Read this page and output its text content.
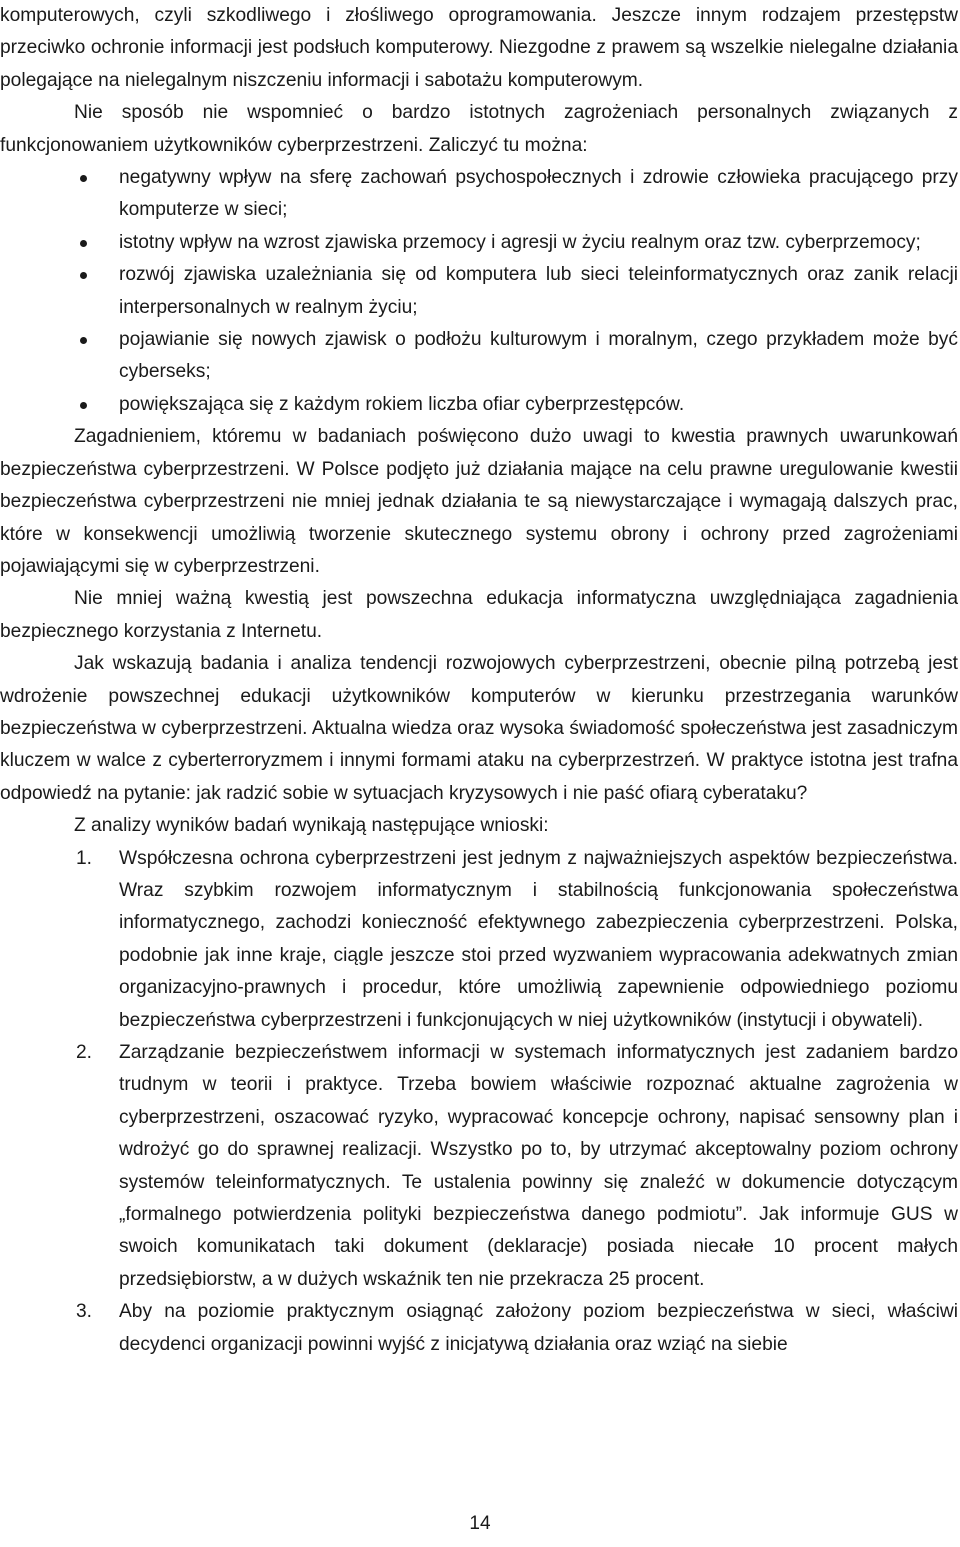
komputerowych, czyli szkodliwego i złośliwego oprogramowania. Jeszcze innym rodzajem przestępstw przeciwko ochronie informacji jest podsłuch komputerowy. Niezgodne z prawem są wszelkie nielegalne działania polegające na nielegalnym niszczeniu informacji i sabotażu komputerowym.

Nie sposób nie wspomnieć o bardzo istotnych zagrożeniach personalnych związanych z funkcjonowaniem użytkowników cyberprzestrzeni. Zaliczyć tu można:

negatywny wpływ na sferę zachowań psychospołecznych i zdrowie człowieka pracującego przy komputerze w sieci;
istotny wpływ na wzrost zjawiska przemocy i agresji w życiu realnym oraz tzw. cyberprzemocy;
rozwój zjawiska uzależniania się od komputera lub sieci teleinformatycznych oraz zanik relacji interpersonalnych w realnym życiu;
pojawianie się nowych zjawisk o podłożu kulturowym i moralnym, czego przykładem może być cyberseks;
powiększająca się z każdym rokiem liczba ofiar cyberprzestępców.

Zagadnieniem, któremu w badaniach poświęcono dużo uwagi to kwestia prawnych uwarunkowań bezpieczeństwa cyberprzestrzeni. W Polsce podjęto już działania mające na celu prawne uregulowanie kwestii bezpieczeństwa cyberprzestrzeni nie mniej jednak działania te są niewystarczające i wymagają dalszych prac, które w konsekwencji umożliwią tworzenie skutecznego systemu obrony i ochrony przed zagrożeniami pojawiającymi się w cyberprzestrzeni.

Nie mniej ważną kwestią jest powszechna edukacja informatyczna uwzględniająca zagadnienia bezpiecznego korzystania z Internetu.

Jak wskazują badania i analiza tendencji rozwojowych cyberprzestrzeni, obecnie pilną potrzebą jest wdrożenie powszechnej edukacji użytkowników komputerów w kierunku przestrzegania warunków bezpieczeństwa w cyberprzestrzeni. Aktualna wiedza oraz wysoka świadomość społeczeństwa jest zasadniczym kluczem w walce z cyberterroryzmem i innymi formami ataku na cyberprzestrzeń. W praktyce istotna jest trafna odpowiedź na pytanie: jak radzić sobie w sytuacjach kryzysowych i nie paść ofiarą cyberataku?

Z analizy wyników badań wynikają następujące wnioski:

1. Współczesna ochrona cyberprzestrzeni jest jednym z najważniejszych aspektów bezpieczeństwa. Wraz szybkim rozwojem informatycznym i stabilnością funkcjonowania społeczeństwa informatycznego, zachodzi konieczność efektywnego zabezpieczenia cyberprzestrzeni. Polska, podobnie jak inne kraje, ciągle jeszcze stoi przed wyzwaniem wypracowania adekwatnych zmian organizacyjno-prawnych i procedur, które umożliwią zapewnienie odpowiedniego poziomu bezpieczeństwa cyberprzestrzeni i funkcjonujących w niej użytkowników (instytucji i obywateli).
2. Zarządzanie bezpieczeństwem informacji w systemach informatycznych jest zadaniem bardzo trudnym w teorii i praktyce. Trzeba bowiem właściwie rozpoznać aktualne zagrożenia w cyberprzestrzeni, oszacować ryzyko, wypracować koncepcje ochrony, napisać sensowny plan i wdrożyć go do sprawnej realizacji. Wszystko po to, by utrzymać akceptowalny poziom ochrony systemów teleinformatycznych. Te ustalenia powinny się znaleźć w dokumencie dotyczącym „formalnego potwierdzenia polityki bezpieczeństwa danego podmiotu”. Jak informuje GUS w swoich komunikatach taki dokument (deklaracje) posiada niecałe 10 procent małych przedsiębiorstw, a w dużych wskaźnik ten nie przekracza 25 procent.
3. Aby na poziomie praktycznym osiągnąć założony poziom bezpieczeństwa w sieci, właściwi decydenci organizacji powinni wyjść z inicjatywą działania oraz wziąć na siebie
14
